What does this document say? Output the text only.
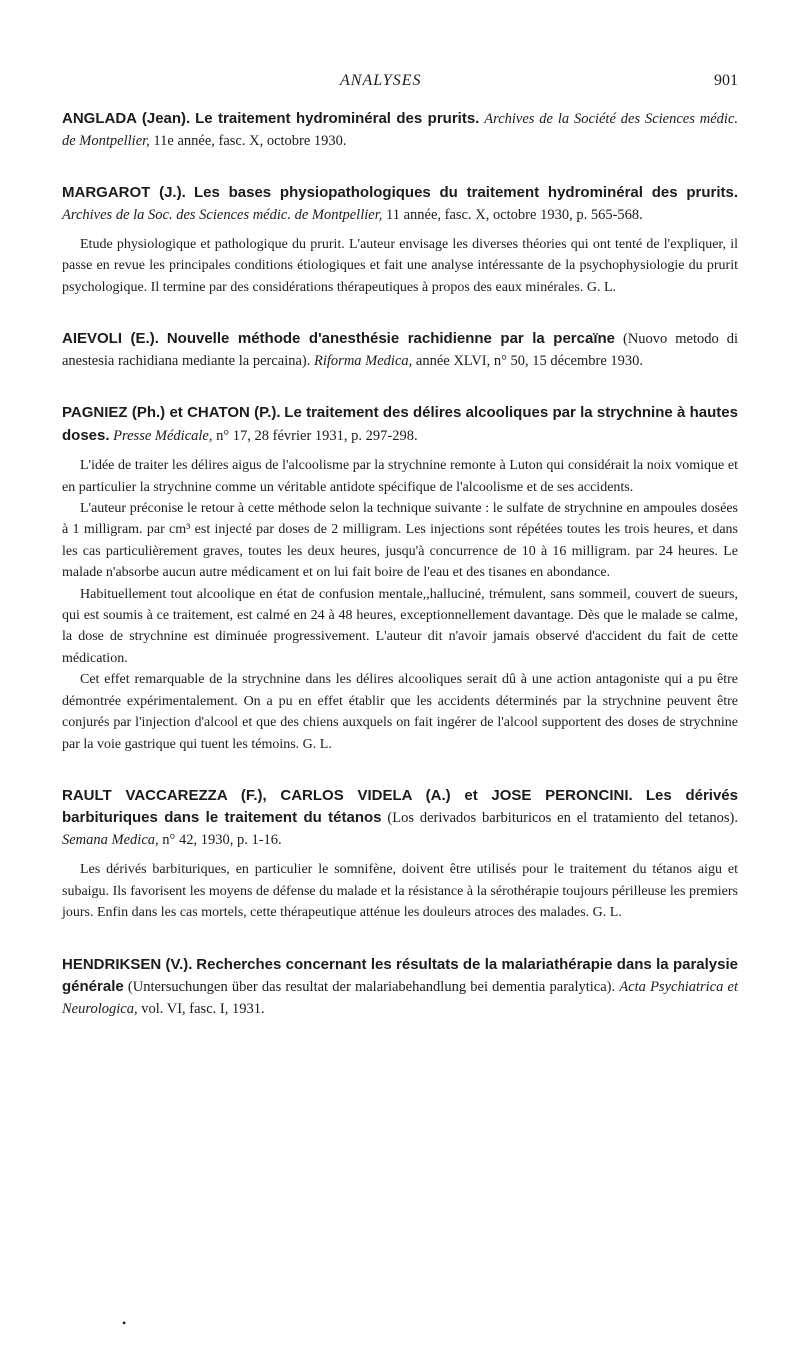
ANALYSES	901

ANGLADA (Jean). Le traitement hydrominéral des prurits. Archives de la Société des Sciences médic. de Montpellier, 11e année, fasc. X, octobre 1930.

MARGAROT (J.). Les bases physiopathologiques du traitement hydrominéral des prurits. Archives de la Soc. des Sciences médic. de Montpellier, 11 année, fasc. X, octobre 1930, p. 565-568.

Etude physiologique et pathologique du prurit. L'auteur envisage les diverses théories qui ont tenté de l'expliquer, il passe en revue les principales conditions étiologiques et fait une analyse intéressante de la psychophysiologie du prurit psychologique. Il termine par des considérations thérapeutiques à propos des eaux minérales. G. L.

AIEVOLI (E.). Nouvelle méthode d'anesthésie rachidienne par la percaïne (Nuovo metodo di anestesia rachidiana mediante la percaina). Riforma Medica, année XLVI, n° 50, 15 décembre 1930.

PAGNIEZ (Ph.) et CHATON (P.). Le traitement des délires alcooliques par la strychnine à hautes doses. Presse Médicale, n° 17, 28 février 1931, p. 297-298.

L'idée de traiter les délires aigus de l'alcoolisme par la strychnine remonte à Luton qui considérait la noix vomique et en particulier la strychnine comme un véritable antidote spécifique de l'alcoolisme et de ses accidents.

L'auteur préconise le retour à cette méthode selon la technique suivante : le sulfate de strychnine en ampoules dosées à 1 milligram. par cm³ est injecté par doses de 2 milligram. Les injections sont répétées toutes les trois heures, et dans les cas particulièrement graves, toutes les deux heures, jusqu'à concurrence de 10 à 16 milligram. par 24 heures. Le malade n'absorbe aucun autre médicament et on lui fait boire de l'eau et des tisanes en abondance.

Habituellement tout alcoolique en état de confusion mentale,,halluciné, trémulent, sans sommeil, couvert de sueurs, qui est soumis à ce traitement, est calmé en 24 à 48 heures, exceptionnellement davantage. Dès que le malade se calme, la dose de strychnine est diminuée progressivement. L'auteur dit n'avoir jamais observé d'accident du fait de cette médication.

Cet effet remarquable de la strychnine dans les délires alcooliques serait dû à une action antagoniste qui a pu être démontrée expérimentalement. On a pu en effet établir que les accidents déterminés par la strychnine peuvent être conjurés par l'injection d'alcool et que des chiens auxquels on fait ingérer de l'alcool supportent des doses de strychnine par la voie gastrique qui tuent les témoins. G. L.

RAULT VACCAREZZA (F.), CARLOS VIDELA (A.) et JOSE PERONCINI. Les dérivés barbituriques dans le traitement du tétanos (Los derivados barbituricos en el tratamiento del tetanos). Semana Medica, n° 42, 1930, p. 1-16.

Les dérivés barbituriques, en particulier le somnifène, doivent être utilisés pour le traitement du tétanos aigu et subaigu. Ils favorisent les moyens de défense du malade et la résistance à la sérothérapie toujours périlleuse les premiers jours. Enfin dans les cas mortels, cette thérapeutique atténue les douleurs atroces des malades. G. L.

HENDRIKSEN (V.). Recherches concernant les résultats de la malariathérapie dans la paralysie générale (Untersuchungen über das resultat der malariabehandlung bei dementia paralytica). Acta Psychiatrica et Neurologica, vol. VI, fasc. I, 1931.

•
